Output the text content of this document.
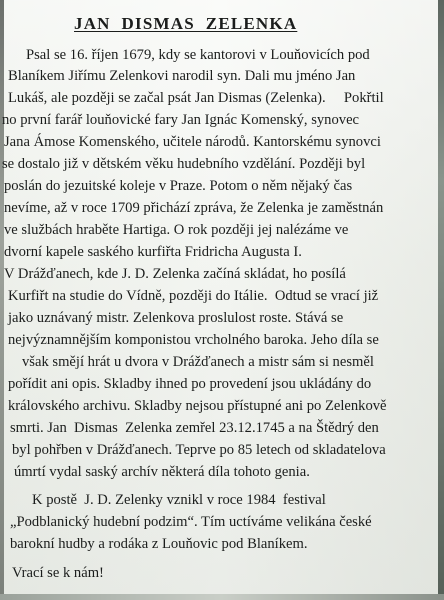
JAN  DISMAS  ZELENKA
Psal se 16. říjen 1679, kdy se kantorovi v Louňovicích pod
Blaníkem Jiřímu Zelenkovi narodil syn. Dali mu jméno Jan
Lukáš, ale později se začal psát Jan Dismas (Zelenka).     Pokřtil
no první farář louňovické fary Jan Ignác Komenský, synovec
Jana Ámose Komenského, učitele národů. Kantorskému synovci
se dostalo již v dětském věku hudebního vzdělání. Později byl
poslán do jezuitské koleje v Praze. Potom o něm nějaký čas
nevíme, až v roce 1709 přichází zpráva, že Zelenka je zaměstnán
ve službách hraběte Hartiga. O rok později jej nalézáme ve
dvorní kapele saského kurfiřta Fridricha Augusta I.
V Drážďanech, kde J. D. Zelenka začíná skládat, ho posílá
Kurfiřt na studie do Vídně, později do Itálie.  Odtud se vrací již
jako uznávaný mistr. Zelenkova proslulost roste. Stává se
nejvýznamnějším komponistou vrcholného baroka. Jeho díla se
však smějí hrát u dvora v Drážďanech a mistr sám si nesměl
pořídit ani opis. Skladby ihned po provedení jsou ukládány do
královského archivu. Skladby nejsou přístupné ani po Zelenkově
smrti. Jan  Dismas  Zelenka zemřel 23.12.1745 a na Štědrý den
byl pohřben v Drážďanech. Teprve po 85 letech od skladatelova
úmrtí vydal saský archív některá díla tohoto genia.
K postě  J. D. Zelenky vznikl v roce 1984  festival
„Podblanický hudební podzim“. Tím uctíváme velikána české
barokní hudby a rodáka z Louňovic pod Blaníkem.
Vrací se k nám!
